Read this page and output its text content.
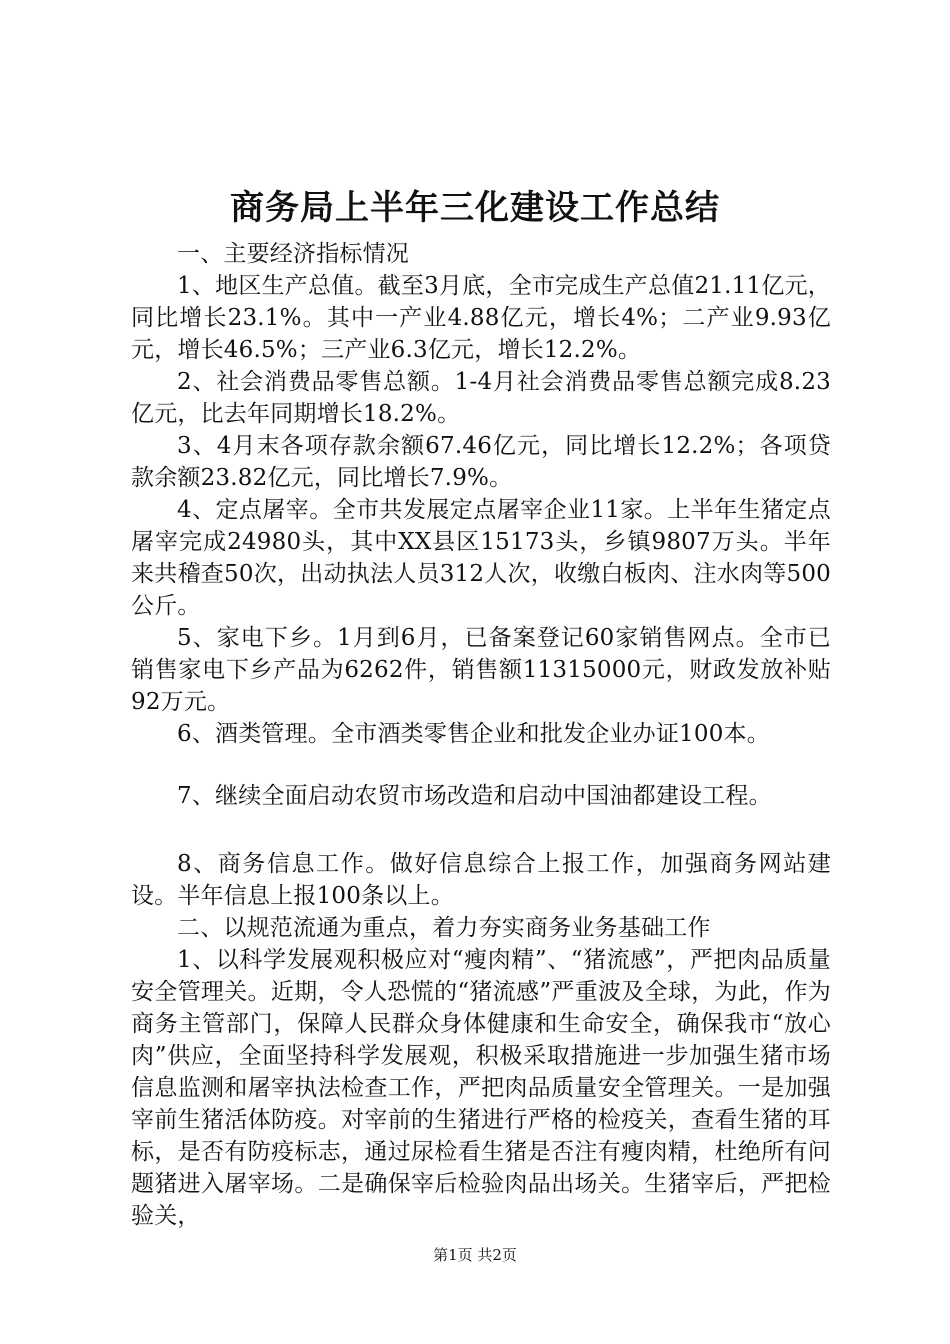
商务局上半年三化建设工作总结

一、主要经济指标情况

1、地区生产总值。截至3月底，全市完成生产总值21.11亿元，同比增长23.1%。其中一产业4.88亿元，增长4%；二产业9.93亿元，增长46.5%；三产业6.3亿元，增长12.2%。

2、社会消费品零售总额。1-4月社会消费品零售总额完成8.23亿元，比去年同期增长18.2%。

3、4月末各项存款余额67.46亿元，同比增长12.2%；各项贷款余额23.82亿元，同比增长7.9%。

4、定点屠宰。全市共发展定点屠宰企业11家。上半年生猪定点屠宰完成24980头，其中XX县区15173头，乡镇9807万头。半年来共稽查50次，出动执法人员312人次，收缴白板肉、注水肉等500公斤。

5、家电下乡。1月到6月，已备案登记60家销售网点。全市已销售家电下乡产品为6262件，销售额11315000元，财政发放补贴92万元。

6、酒类管理。全市酒类零售企业和批发企业办证100本。

7、继续全面启动农贸市场改造和启动中国油都建设工程。

8、商务信息工作。做好信息综合上报工作，加强商务网站建设。半年信息上报100条以上。

二、以规范流通为重点，着力夯实商务业务基础工作

1、以科学发展观积极应对“瘦肉精”、“猪流感”，严把肉品质量安全管理关。近期，令人恐慌的“猪流感”严重波及全球，为此，作为商务主管部门，保障人民群众身体健康和生命安全，确保我市“放心肉”供应，全面坚持科学发展观，积极采取措施进一步加强生猪市场信息监测和屠宰执法检查工作，严把肉品质量安全管理关。一是加强宰前生猪活体防疫。对宰前的生猪进行严格的检疫关，查看生猪的耳标，是否有防疫标志，通过尿检看生猪是否注有瘦肉精，杜绝所有问题猪进入屠宰场。二是确保宰后检验肉品出场关。生猪宰后，严把检验关，

第1页 共2页
